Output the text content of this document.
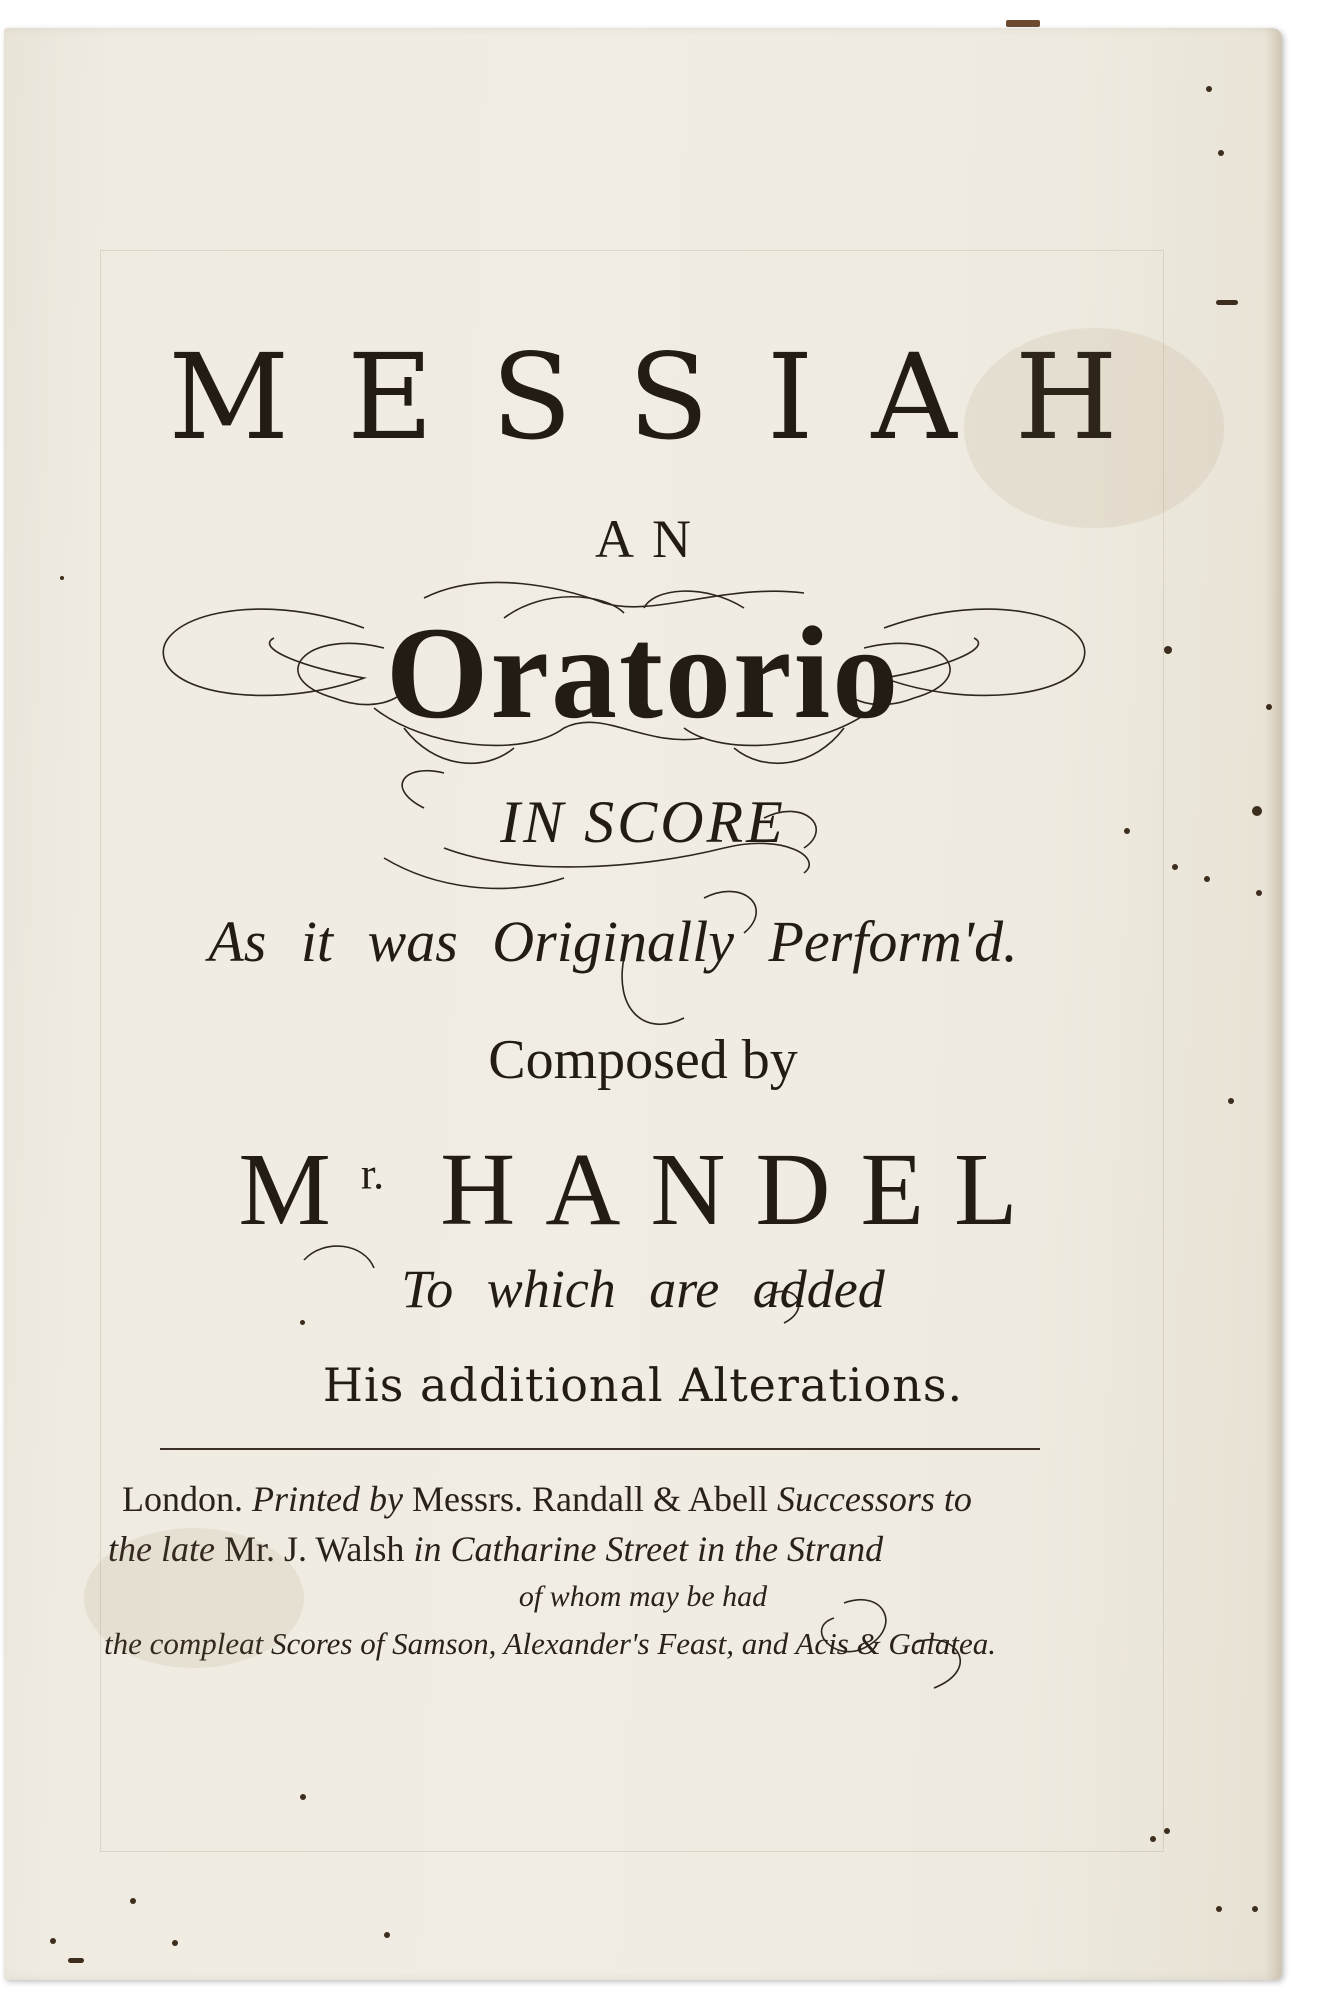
MESSIAH
AN
Oratorio
IN SCORE
As it was Originally Perform'd.
Composed by
$M^{r.}$ HANDEL
To which are added
His additional Alterations.
London. Printed by Messrs. Randall & Abell Successors to
the late Mr. J. Walsh in Catharine Street in the Strand
of whom may be had
the compleat Scores of Samson, Alexander's Feast, and Acis & Galatea.
